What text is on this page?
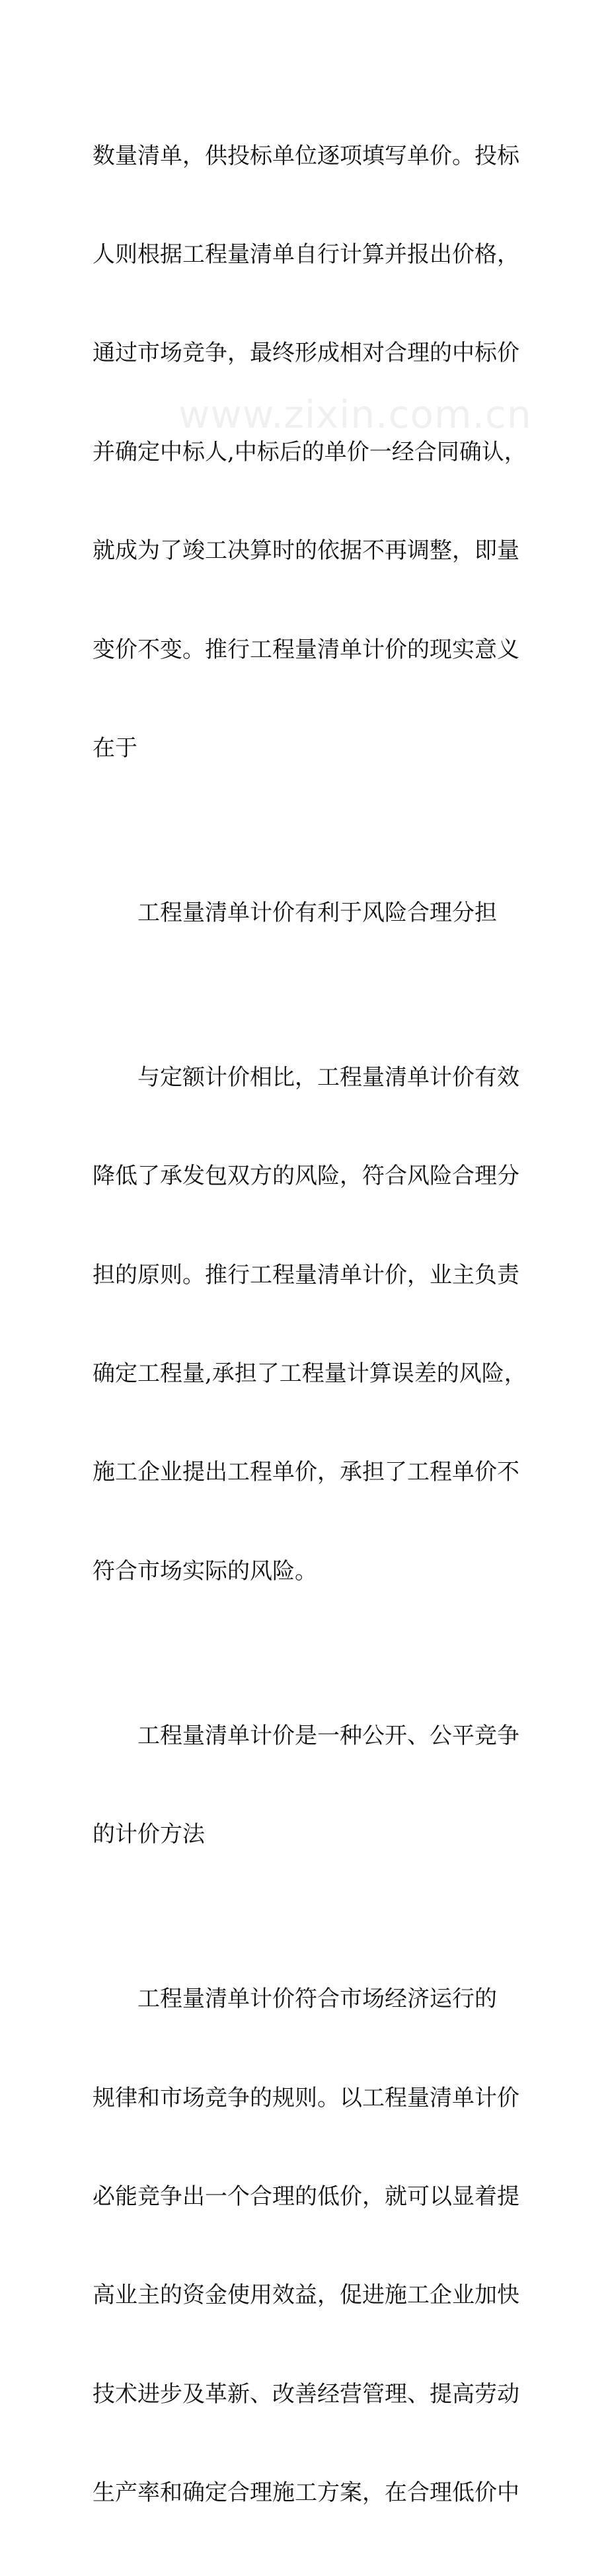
www.zixin.com.cn

数量清单，供投标单位逐项填写单价。投标

人则根据工程量清单自行计算并报出价格，

通过市场竞争，最终形成相对合理的中标价

并确定中标人,中标后的单价一经合同确认，

就成为了竣工决算时的依据不再调整，即量

变价不变。推行工程量清单计价的现实意义

在于

工程量清单计价有利于风险合理分担

与定额计价相比，工程量清单计价有效

降低了承发包双方的风险，符合风险合理分

担的原则。推行工程量清单计价，业主负责

确定工程量,承担了工程量计算误差的风险，

施工企业提出工程单价，承担了工程单价不

符合市场实际的风险。

工程量清单计价是一种公开、公平竞争

的计价方法

工程量清单计价符合市场经济运行的

规律和市场竞争的规则。以工程量清单计价

必能竞争出一个合理的低价，就可以显着提

高业主的资金使用效益，促进施工企业加快

技术进步及革新、改善经营管理、提高劳动

生产率和确定合理施工方案，在合理低价中
